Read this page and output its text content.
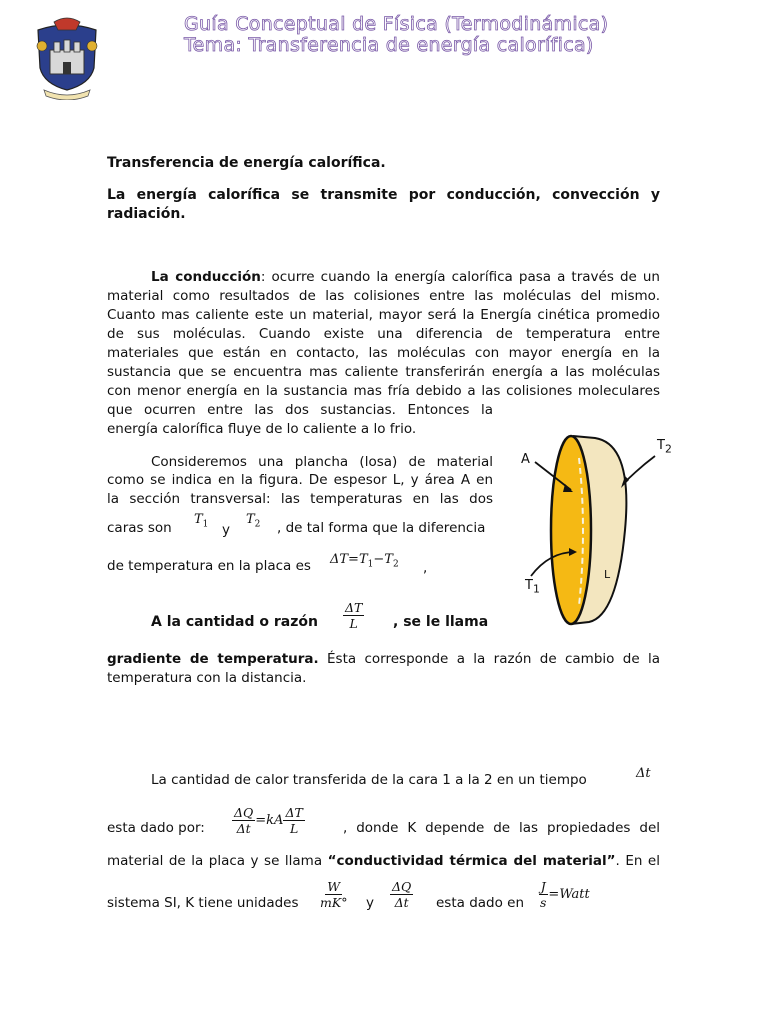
Guía Conceptual de Física (Termodinámica)
Tema: Transferencia de energía calorífica)
Transferencia de energía calorífica.
La energía calorífica se transmite por conducción, convección y
radiación.
La conducción: ocurre cuando la energía calorífica pasa a través de un
material como resultados de las colisiones entre las moléculas del mismo.
Cuanto mas caliente este un material, mayor será la Energía cinética promedio
de sus moléculas. Cuando existe una diferencia de temperatura entre
materiales que están en contacto, las moléculas con mayor energía en la
sustancia que se encuentra mas caliente transferirán energía a las moléculas
con menor energía en la sustancia mas fría debido a las colisiones moleculares
que ocurren entre las dos sustancias. Entonces la
energía calorífica fluye de lo caliente a lo frio.
Consideremos una plancha (losa) de material
como se indica en la figura. De espesor L, y área A en
la sección transversal: las temperaturas en las dos
caras son
$T_1$ y
$T_2$ , de tal forma que la diferencia
de temperatura en la placa es $\Delta T=T_1-T_2$ ,
A la cantidad o razón $\frac{\Delta T}{L}$ , se le llama
gradiente de temperatura. Ésta corresponde a la razón de cambio de la
temperatura con la distancia.
La cantidad de calor transferida de la cara 1 a la 2 en un tiempo	Δt
esta dado por: $\frac{\Delta Q}{\Delta t} =kA \frac{\Delta T}{L}$	, donde K depende de las propiedades del
material de la placa y se llama “conductividad térmica del material”. En el
sistema SI, K tiene unidades $\frac{W}{mK^\circ}$ y $\frac{\Delta Q}{\Delta t}$ esta dado en $\frac{J}{s}$ =Watt
A
$T_2$
$T_1$
L
